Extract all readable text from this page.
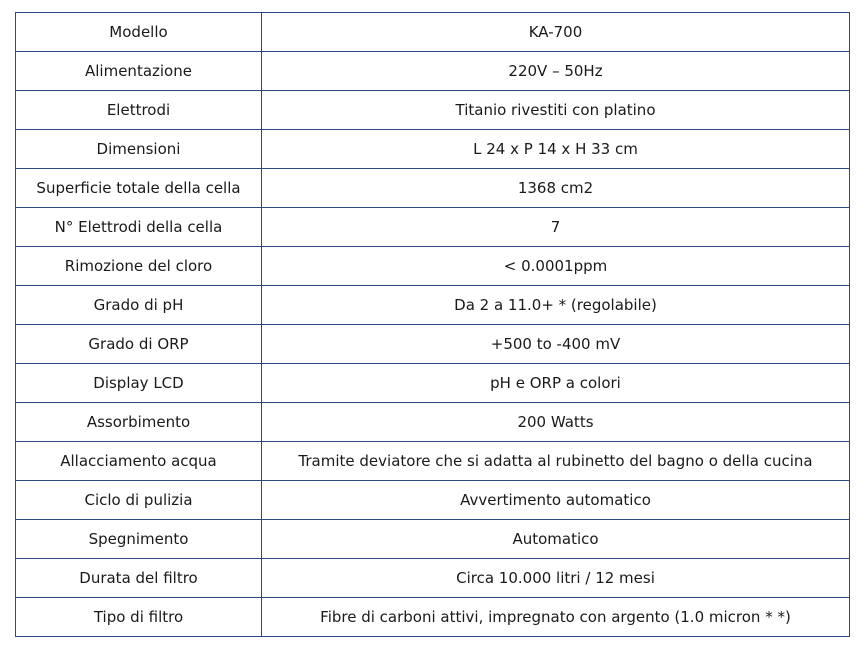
Modello	KA-700
Alimentazione	220V – 50Hz
Elettrodi	Titanio rivestiti con platino
Dimensioni	L 24 x P 14 x H 33 cm
Superficie totale della cella	1368 cm2
N° Elettrodi della cella	7
Rimozione del cloro	< 0.0001ppm
Grado di pH	Da 2 a 11.0+ * (regolabile)
Grado di ORP	+500 to -400 mV
Display LCD	pH e ORP a colori
Assorbimento	200 Watts
Allacciamento acqua	Tramite deviatore che si adatta al rubinetto del bagno o della cucina
Ciclo di pulizia	Avvertimento automatico
Spegnimento	Automatico
Durata del filtro	Circa 10.000 litri / 12 mesi
Tipo di filtro	Fibre di carboni attivi, impregnato con argento (1.0 micron * *)
